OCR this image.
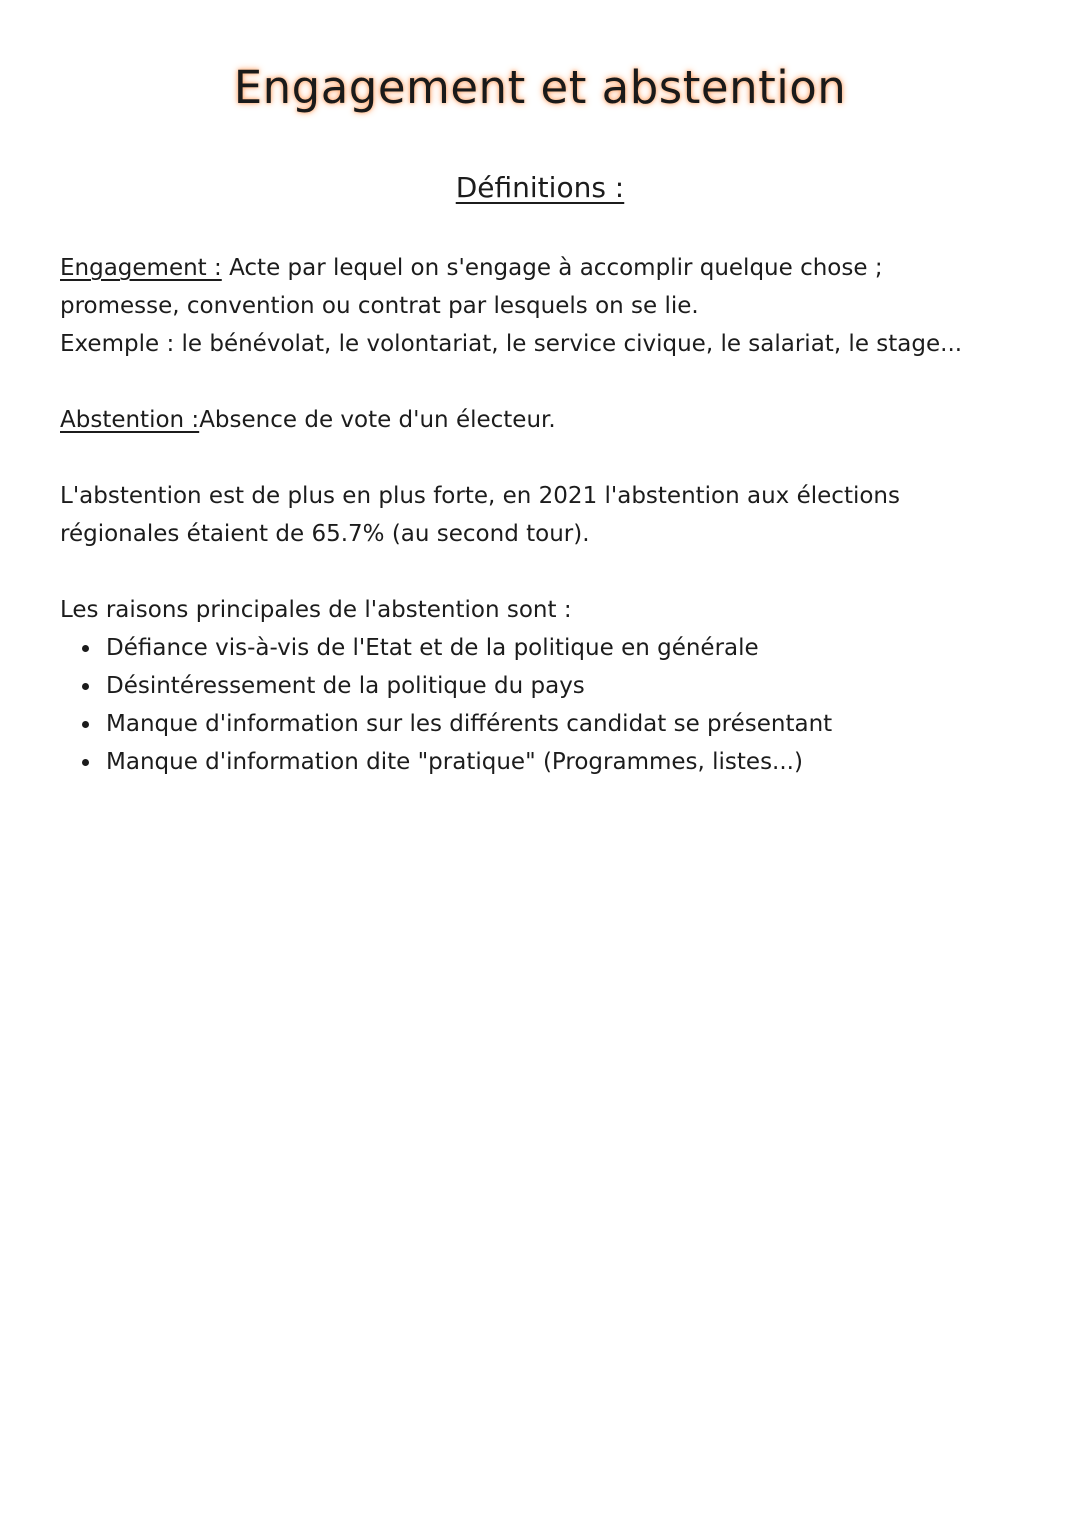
Engagement et abstention
Définitions :
Engagement : Acte par lequel on s'engage à accomplir quelque chose ;
promesse, convention ou contrat par lesquels on se lie.
Exemple : le bénévolat, le volontariat, le service civique, le salariat, le stage...
Abstention :Absence de vote d'un électeur.
L'abstention est de plus en plus forte, en 2021 l'abstention aux élections
régionales étaient de 65.7% (au second tour).
Les raisons principales de l'abstention sont :
Défiance vis-à-vis de l'Etat et de la politique en générale
Désintéressement de la politique du pays
Manque d'information sur les différents candidat se présentant
Manque d'information dite "pratique" (Programmes, listes...)
